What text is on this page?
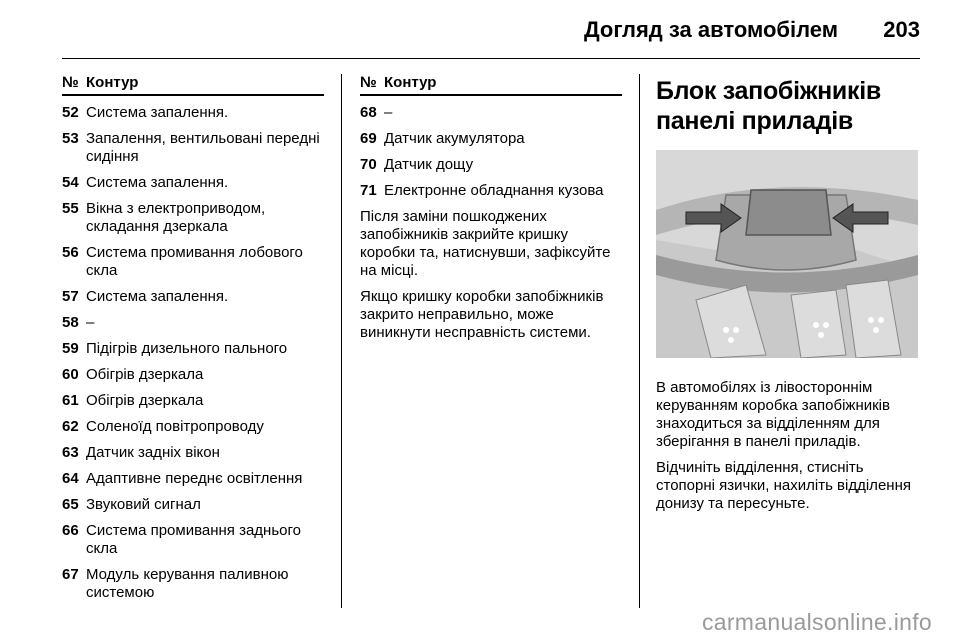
Догляд за автомобілем 203
№ Контур
52 Система запалення.
53 Запалення, вентильовані передні сидіння
54 Система запалення.
55 Вікна з електроприводом, складання дзеркала
56 Система промивання лобового скла
57 Система запалення.
58 –
59 Підігрів дизельного пального
60 Обігрів дзеркала
61 Обігрів дзеркала
62 Соленоїд повітропроводу
63 Датчик задніх вікон
64 Адаптивне переднє освітлення
65 Звуковий сигнал
66 Система промивання заднього скла
67 Модуль керування паливною системою
№ Контур
68 –
69 Датчик акумулятора
70 Датчик дощу
71 Електронне обладнання кузова
Після заміни пошкоджених запобіжників закрийте кришку коробки та, натиснувши, зафіксуйте на місці.
Якщо кришку коробки запобіжників закрито неправильно, може виникнути несправність системи.
Блок запобіжників панелі приладів
В автомобілях із лівостороннім керуванням коробка запобіжників знаходиться за відділенням для зберігання в панелі приладів.
Відчиніть відділення, стисніть стопорні язички, нахиліть відділення донизу та пересуньте.
carmanualsonline.info
